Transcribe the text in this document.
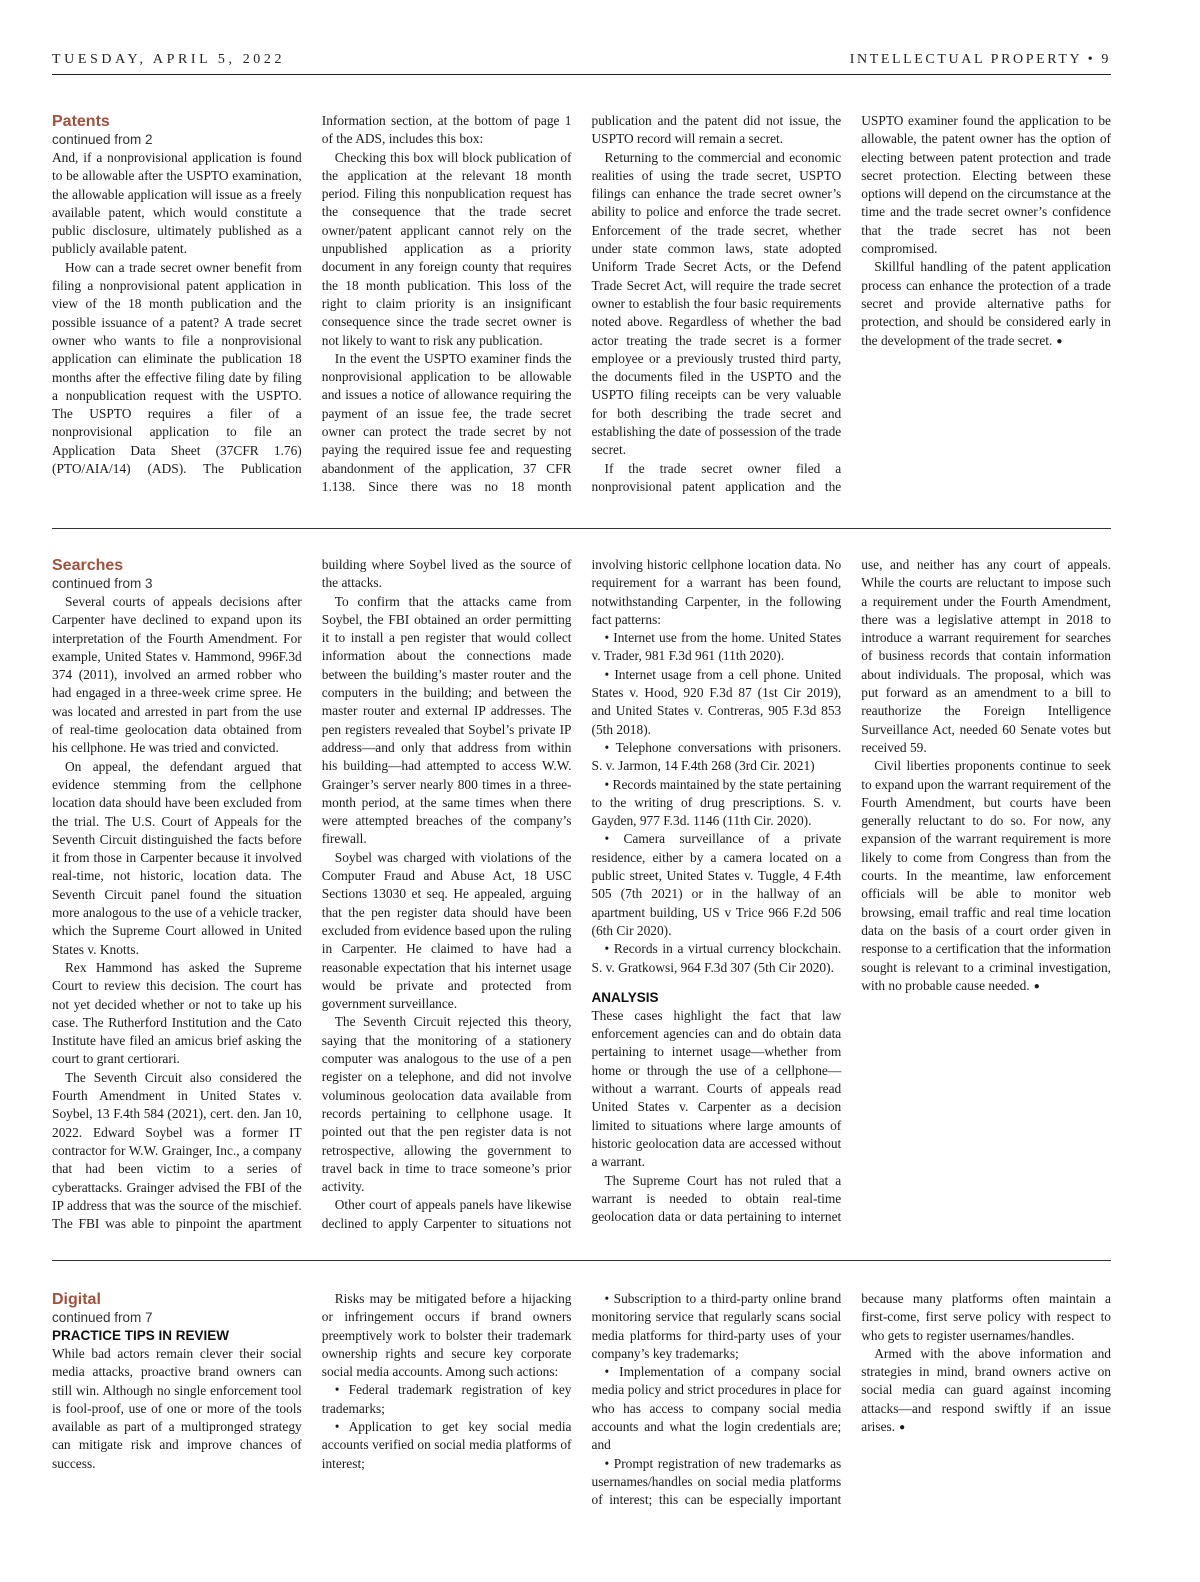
TUESDAY, APRIL 5, 2022	INTELLECTUAL PROPERTY • 9

Patents

continued from 2

And, if a nonprovisional application is found to be allowable after the USPTO examination, the allowable application will issue as a freely available patent, which would constitute a public disclosure, ultimately published as a publicly available patent.

How can a trade secret owner benefit from filing a nonprovisional patent application in view of the 18 month publication and the possible issuance of a patent? A trade secret owner who wants to file a nonprovisional application can eliminate the publication 18 months after the effective filing date by filing a nonpublication request with the USPTO. The USPTO requires a filer of a nonprovisional application to file an Application Data Sheet (37CFR 1.76) (PTO/AIA/14) (ADS). The Publication Information section, at the bottom of page 1 of the ADS, includes this box:

Checking this box will block publication of the application at the relevant 18 month period. Filing this nonpublication request has the consequence that the trade secret owner/patent applicant cannot rely on the unpublished application as a priority document in any foreign county that requires the 18 month publication. This loss of the right to claim priority is an insignificant consequence since the trade secret owner is not likely to want to risk any publication.

In the event the USPTO examiner finds the nonprovisional application to be allowable and issues a notice of allowance requiring the payment of an issue fee, the trade secret owner can protect the trade secret by not paying the required issue fee and requesting abandonment of the application, 37 CFR 1.138. Since there was no 18 month publication and the patent did not issue, the USPTO record will remain a secret.

Returning to the commercial and economic realities of using the trade secret, USPTO filings can enhance the trade secret owner’s ability to police and enforce the trade secret. Enforcement of the trade secret, whether under state common laws, state adopted Uniform Trade Secret Acts, or the Defend Trade Secret Act, will require the trade secret owner to establish the four basic requirements noted above. Regardless of whether the bad actor treating the trade secret is a former employee or a previously trusted third party, the documents filed in the USPTO and the USPTO filing receipts can be very valuable for both describing the trade secret and establishing the date of possession of the trade secret.

If the trade secret owner filed a nonprovisional patent application and the USPTO examiner found the application to be allowable, the patent owner has the option of electing between patent protection and trade secret protection. Electing between these options will depend on the circumstance at the time and the trade secret owner’s confidence that the trade secret has not been compromised.

Skillful handling of the patent application process can enhance the protection of a trade secret and provide alternative paths for protection, and should be considered early in the development of the trade secret. ●

Searches

continued from 3

Several courts of appeals decisions after Carpenter have declined to expand upon its interpretation of the Fourth Amendment. For example, United States v. Hammond, 996F.3d 374 (2011), involved an armed robber who had engaged in a three-week crime spree. He was located and arrested in part from the use of real-time geolocation data obtained from his cellphone. He was tried and convicted.

On appeal, the defendant argued that evidence stemming from the cellphone location data should have been excluded from the trial. The U.S. Court of Appeals for the Seventh Circuit distinguished the facts before it from those in Carpenter because it involved real-time, not historic, location data. The Seventh Circuit panel found the situation more analogous to the use of a vehicle tracker, which the Supreme Court allowed in United States v. Knotts.

Rex Hammond has asked the Supreme Court to review this decision. The court has not yet decided whether or not to take up his case. The Rutherford Institution and the Cato Institute have filed an amicus brief asking the court to grant certiorari.

The Seventh Circuit also considered the Fourth Amendment in United States v. Soybel, 13 F.4th 584 (2021), cert. den. Jan 10, 2022. Edward Soybel was a former IT contractor for W.W. Grainger, Inc., a company that had been victim to a series of cyberattacks. Grainger advised the FBI of the IP address that was the source of the mischief. The FBI was able to pinpoint the apartment building where Soybel lived as the source of the attacks.

To confirm that the attacks came from Soybel, the FBI obtained an order permitting it to install a pen register that would collect information about the connections made between the building’s master router and the computers in the building; and between the master router and external IP addresses. The pen registers revealed that Soybel’s private IP address—and only that address from within his building—had attempted to access W.W. Grainger’s server nearly 800 times in a three-month period, at the same times when there were attempted breaches of the company’s firewall.

Soybel was charged with violations of the Computer Fraud and Abuse Act, 18 USC Sections 13030 et seq. He appealed, arguing that the pen register data should have been excluded from evidence based upon the ruling in Carpenter. He claimed to have had a reasonable expectation that his internet usage would be private and protected from government surveillance.

The Seventh Circuit rejected this theory, saying that the monitoring of a stationery computer was analogous to the use of a pen register on a telephone, and did not involve voluminous geolocation data available from records pertaining to cellphone usage. It pointed out that the pen register data is not retrospective, allowing the government to travel back in time to trace someone’s prior activity.

Other court of appeals panels have likewise declined to apply Carpenter to situations not involving historic cellphone location data. No requirement for a warrant has been found, notwithstanding Carpenter, in the following fact patterns:

• Internet use from the home. United States v. Trader, 981 F.3d 961 (11th 2020).

• Internet usage from a cell phone. United States v. Hood, 920 F.3d 87 (1st Cir 2019), and United States v. Contreras, 905 F.3d 853 (5th 2018).

• Telephone conversations with prisoners. S. v. Jarmon, 14 F.4th 268 (3rd Cir. 2021)

• Records maintained by the state pertaining to the writing of drug prescriptions. S. v. Gayden, 977 F.3d. 1146 (11th Cir. 2020).

• Camera surveillance of a private residence, either by a camera located on a public street, United States v. Tuggle, 4 F.4th 505 (7th 2021) or in the hallway of an apartment building, US v Trice 966 F.2d 506 (6th Cir 2020).

• Records in a virtual currency blockchain. S. v. Gratkowsi, 964 F.3d 307 (5th Cir 2020).

ANALYSIS

These cases highlight the fact that law enforcement agencies can and do obtain data pertaining to internet usage—whether from home or through the use of a cellphone—without a warrant. Courts of appeals read United States v. Carpenter as a decision limited to situations where large amounts of historic geolocation data are accessed without a warrant.

The Supreme Court has not ruled that a warrant is needed to obtain real-time geolocation data or data pertaining to internet use, and neither has any court of appeals. While the courts are reluctant to impose such a requirement under the Fourth Amendment, there was a legislative attempt in 2018 to introduce a warrant requirement for searches of business records that contain information about individuals. The proposal, which was put forward as an amendment to a bill to reauthorize the Foreign Intelligence Surveillance Act, needed 60 Senate votes but received 59.

Civil liberties proponents continue to seek to expand upon the warrant requirement of the Fourth Amendment, but courts have been generally reluctant to do so. For now, any expansion of the warrant requirement is more likely to come from Congress than from the courts. In the meantime, law enforcement officials will be able to monitor web browsing, email traffic and real time location data on the basis of a court order given in response to a certification that the information sought is relevant to a criminal investigation, with no probable cause needed. ●

Digital

continued from 7

PRACTICE TIPS IN REVIEW

While bad actors remain clever their social media attacks, proactive brand owners can still win. Although no single enforcement tool is fool-proof, use of one or more of the tools available as part of a multipronged strategy can mitigate risk and improve chances of success.

Risks may be mitigated before a hijacking or infringement occurs if brand owners preemptively work to bolster their trademark ownership rights and secure key corporate social media accounts. Among such actions:

• Federal trademark registration of key trademarks;

• Application to get key social media accounts verified on social media platforms of interest;

• Subscription to a third-party online brand monitoring service that regularly scans social media platforms for third-party uses of your company’s key trademarks;

• Implementation of a company social media policy and strict procedures in place for who has access to company social media accounts and what the login credentials are; and

• Prompt registration of new trademarks as usernames/handles on social media platforms of interest; this can be especially important because many platforms often maintain a first-come, first serve policy with respect to who gets to register usernames/handles.

Armed with the above information and strategies in mind, brand owners active on social media can guard against incoming attacks—and respond swiftly if an issue arises. ●
